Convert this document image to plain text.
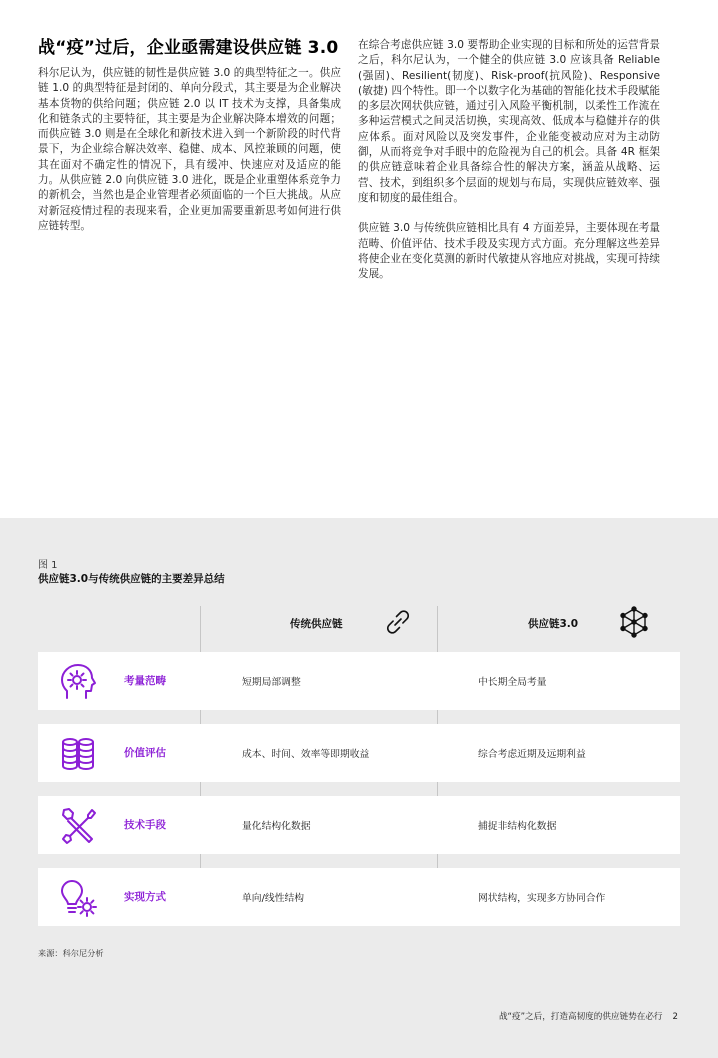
战“疫”过后，企业亟需建设供应链 3.0

科尔尼认为，供应链的韧性是供应链 3.0 的典型特征之一。供应链 1.0 的典型特征是封闭的、单向分段式，其主要是为企业解决基本货物的供给问题；供应链 2.0 以 IT 技术为支撑，具备集成化和链条式的主要特征，其主要是为企业解决降本增效的问题；而供应链 3.0 则是在全球化和新技术进入到一个新阶段的时代背景下，为企业综合解决效率、稳健、成本、风控兼顾的问题，使其在面对不确定性的情况下，具有缓冲、快速应对及适应的能力。从供应链 2.0 向供应链 3.0 进化，既是企业重塑体系竞争力的新机会，当然也是企业管理者必须面临的一个巨大挑战。从应对新冠疫情过程的表现来看，企业更加需要重新思考如何进行供应链转型。

在综合考虑供应链 3.0 要帮助企业实现的目标和所处的运营背景之后，科尔尼认为，一个健全的供应链 3.0 应该具备 Reliable(强固)、Resilient(韧度)、Risk-proof(抗风险)、Responsive (敏捷) 四个特性。即一个以数字化为基础的智能化技术手段赋能的多层次网状供应链，通过引入风险平衡机制，以柔性工作流在多种运营模式之间灵活切换，实现高效、低成本与稳健并存的供应体系。面对风险以及突发事件，企业能变被动应对为主动防御，从而将竞争对手眼中的危险视为自己的机会。具备 4R 框架的供应链意味着企业具备综合性的解决方案，涵盖从战略、运营、技术，到组织多个层面的规划与布局，实现供应链效率、强度和韧度的最佳组合。

供应链 3.0 与传统供应链相比具有 4 方面差异，主要体现在考量范畴、价值评估、技术手段及实现方式方面。充分理解这些差异将使企业在变化莫测的新时代敏捷从容地应对挑战，实现可持续发展。

图 1
供应链3.0与传统供应链的主要差异总结
传统供应链	供应链3.0
考量范畴	短期局部调整	中长期全局考量
价值评估	成本、时间、效率等即期收益	综合考虑近期及远期利益
技术手段	量化结构化数据	捕捉非结构化数据
实现方式	单向/线性结构	网状结构，实现多方协同合作
来源：科尔尼分析
战“疫”之后，打造高韧度的供应链势在必行 2
